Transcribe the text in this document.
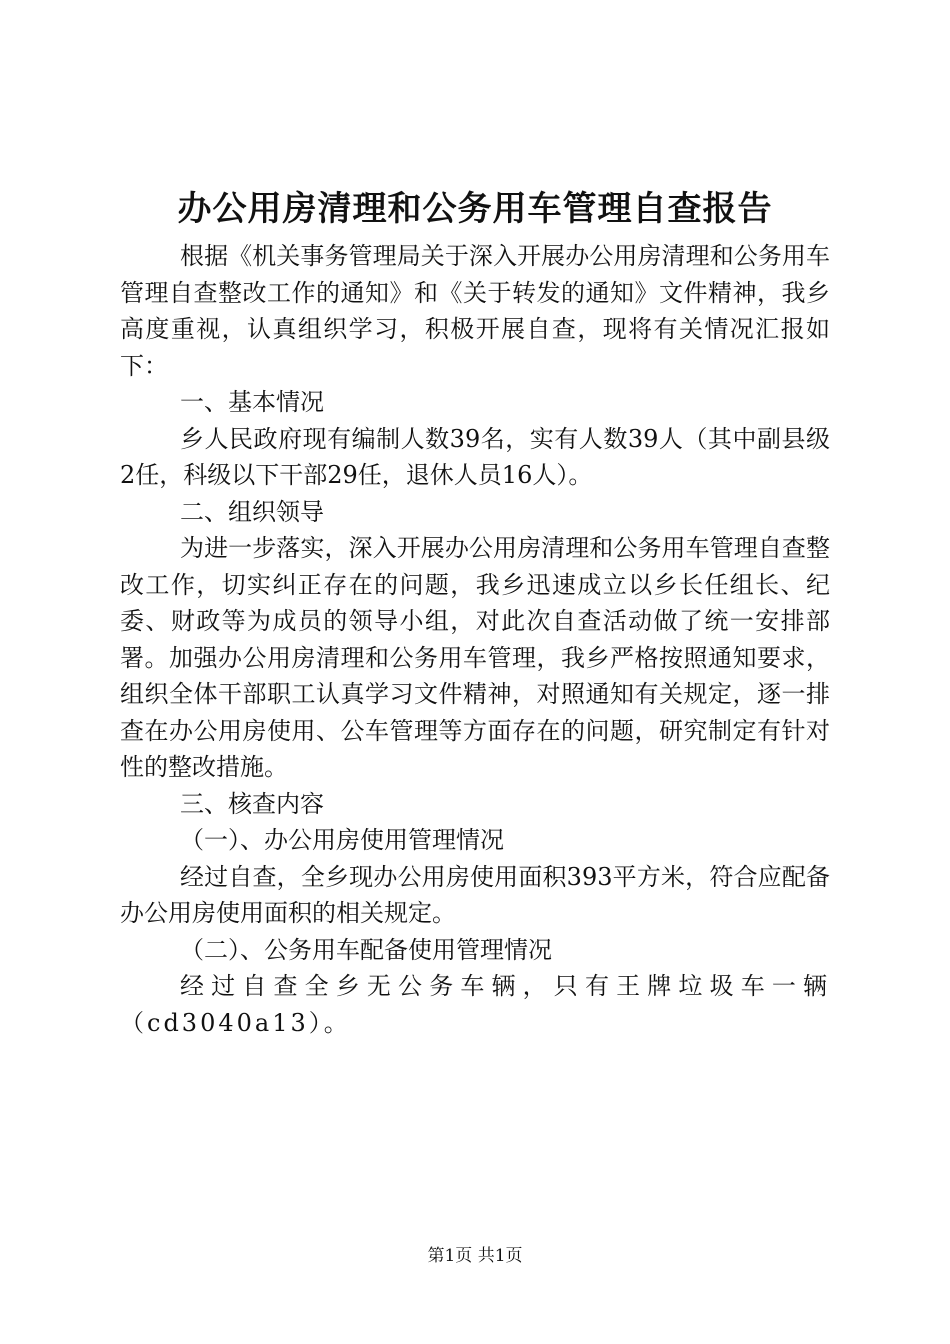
办公用房清理和公务用车管理自查报告

根据《机关事务管理局关于深入开展办公用房清理和公务用车管理自查整改工作的通知》和《关于转发的通知》文件精神，我乡高度重视，认真组织学习，积极开展自查，现将有关情况汇报如下：

一、基本情况

乡人民政府现有编制人数39名，实有人数39人（其中副县级2任，科级以下干部29任，退休人员16人）。

二、组织领导

为进一步落实，深入开展办公用房清理和公务用车管理自查整改工作，切实纠正存在的问题，我乡迅速成立以乡长任组长、纪委、财政等为成员的领导小组，对此次自查活动做了统一安排部署。加强办公用房清理和公务用车管理，我乡严格按照通知要求，组织全体干部职工认真学习文件精神，对照通知有关规定，逐一排查在办公用房使用、公车管理等方面存在的问题，研究制定有针对性的整改措施。

三、核查内容

（一）、办公用房使用管理情况

经过自查，全乡现办公用房使用面积393平方米，符合应配备办公用房使用面积的相关规定。

（二）、公务用车配备使用管理情况

经过自查全乡无公务车辆，只有王牌垃圾车一辆（cd3040a13）。

第1页 共1页
